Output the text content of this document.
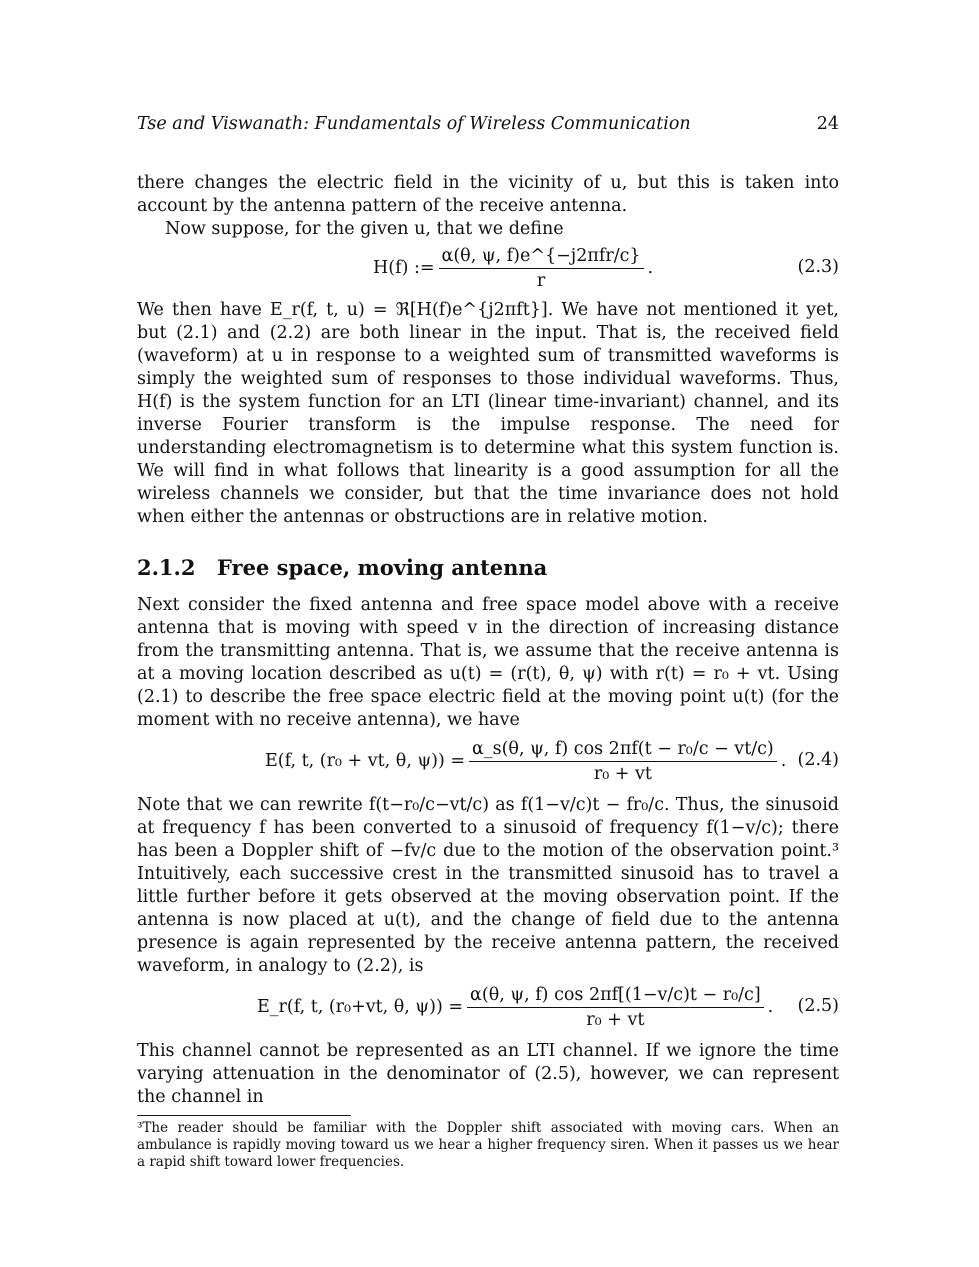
Tse and Viswanath: Fundamentals of Wireless Communication	24

there changes the electric field in the vicinity of u, but this is taken into account by the antenna pattern of the receive antenna.

Now suppose, for the given u, that we define

H(f) := $\frac{\text{α(θ, ψ, f)e\textasciicircum{}\{−j2πfr/c\}}}{r}$ .	(2.3)

We then have E_r(f, t, u) = ℜ[H(f)e^{j2πft}]. We have not mentioned it yet, but (2.1) and (2.2) are both linear in the input. That is, the received field (waveform) at u in response to a weighted sum of transmitted waveforms is simply the weighted sum of responses to those individual waveforms. Thus, H(f) is the system function for an LTI (linear time-invariant) channel, and its inverse Fourier transform is the impulse response. The need for understanding electromagnetism is to determine what this system function is. We will find in what follows that linearity is a good assumption for all the wireless channels we consider, but that the time invariance does not hold when either the antennas or obstructions are in relative motion.

2.1.2 Free space, moving antenna

Next consider the fixed antenna and free space model above with a receive antenna that is moving with speed v in the direction of increasing distance from the transmitting antenna. That is, we assume that the receive antenna is at a moving location described as u(t) = (r(t), θ, ψ) with r(t) = r₀ + vt. Using (2.1) to describe the free space electric field at the moving point u(t) (for the moment with no receive antenna), we have

E(f, t, (r₀ + vt, θ, $\psi)) = \frac{\text{α\_s(θ, ψ, f) cos 2πf(t − r₀/c − vt/c)}}{\text{r₀ + vt}}$ . (2.4)

Note that we can rewrite f(t−r₀/c−vt/c) as f(1−v/c)t − fr₀/c. Thus, the sinusoid at frequency f has been converted to a sinusoid of frequency f(1−v/c); there has been a Doppler shift of −fv/c due to the motion of the observation point.³ Intuitively, each successive crest in the transmitted sinusoid has to travel a little further before it gets observed at the moving observation point. If the antenna is now placed at u(t), and the change of field due to the antenna presence is again represented by the receive antenna pattern, the received waveform, in analogy to (2.2), is

E_r(f, t, (r₀+vt, θ, $\psi)) = \frac{\text{α(θ, ψ, f) cos 2πf[(1−v/c)t − r₀/c]}}{\text{r₀ + vt}}$ . (2.5)

This channel cannot be represented as an LTI channel. If we ignore the time varying attenuation in the denominator of (2.5), however, we can represent the channel in

³The reader should be familiar with the Doppler shift associated with moving cars. When an ambulance is rapidly moving toward us we hear a higher frequency siren. When it passes us we hear a rapid shift toward lower frequencies.
